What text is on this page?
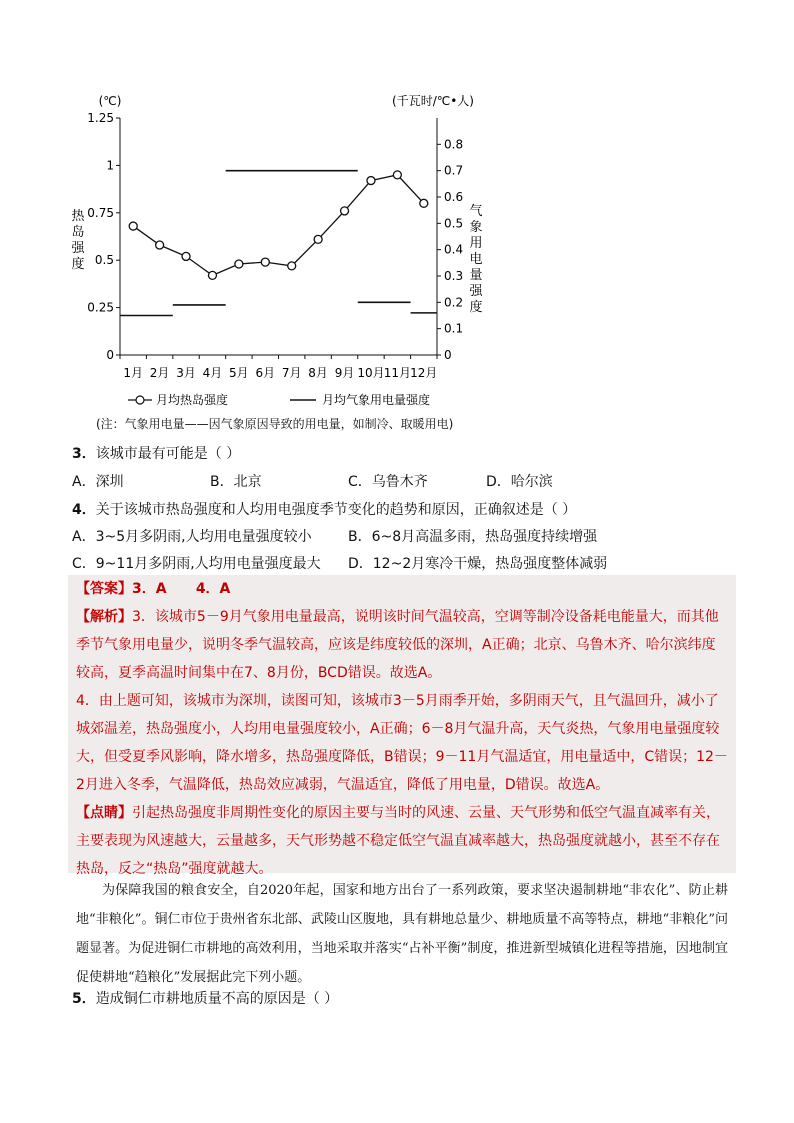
(℃)	(千瓦时/℃•人)
热岛强度
气象用电量强度
0
0.25
0.5
0.75
1
1.25
0
0.1
0.2
0.3
0.4
0.5
0.6
0.7
0.8
1月 2月 3月 4月 5月 6月 7月 8月 9月 10月 11月 12月
月均热岛强度	月均气象用电量强度
(注：气象用电量——因气象原因导致的用电量，如制冷、取暖用电)
3．该城市最有可能是（ ）
A．深圳	B．北京	C．乌鲁木齐	D．哈尔滨
4．关于该城市热岛强度和人均用电强度季节变化的趋势和原因，正确叙述是（ ）
A．3~5月多阴雨,人均用电量强度较小	B．6~8月高温多雨，热岛强度持续增强
C．9~11月多阴雨,人均用电量强度最大 D．12~2月寒冷干燥，热岛强度整体减弱

【答案】3．A      4．A

【解析】3．该城市5－9月气象用电量最高，说明该时间气温较高，空调等制冷设备耗电能量大，而其他季节气象用电量少，说明冬季气温较高，应该是纬度较低的深圳，A正确；北京、乌鲁木齐、哈尔滨纬度较高，夏季高温时间集中在7、8月份，BCD错误。故选A。

4．由上题可知，该城市为深圳，读图可知，该城市3－5月雨季开始，多阴雨天气，且气温回升，减小了城郊温差，热岛强度小，人均用电量强度较小，A正确；6－8月气温升高，天气炎热，气象用电量强度较大，但受夏季风影响，降水增多，热岛强度降低，B错误；9－11月气温适宜，用电量适中，C错误；12－2月进入冬季，气温降低，热岛效应减弱，气温适宜，降低了用电量，D错误。故选A。

【点睛】引起热岛强度非周期性变化的原因主要与当时的风速、云量、天气形势和低空气温直减率有关，主要表现为风速越大，云量越多，天气形势越不稳定低空气温直减率越大，热岛强度就越小，甚至不存在热岛，反之“热岛”强度就越大。

为保障我国的粮食安全，自2020年起，国家和地方出台了一系列政策，要求坚决遏制耕地“非农化”、防止耕地“非粮化”。铜仁市位于贵州省东北部、武陵山区腹地，具有耕地总量少、耕地质量不高等特点，耕地“非粮化”问题显著。为促进铜仁市耕地的高效利用，当地采取并落实“占补平衡”制度，推进新型城镇化进程等措施，因地制宜促使耕地“趋粮化”发展据此完下列小题。
5．造成铜仁市耕地质量不高的原因是（ ）
